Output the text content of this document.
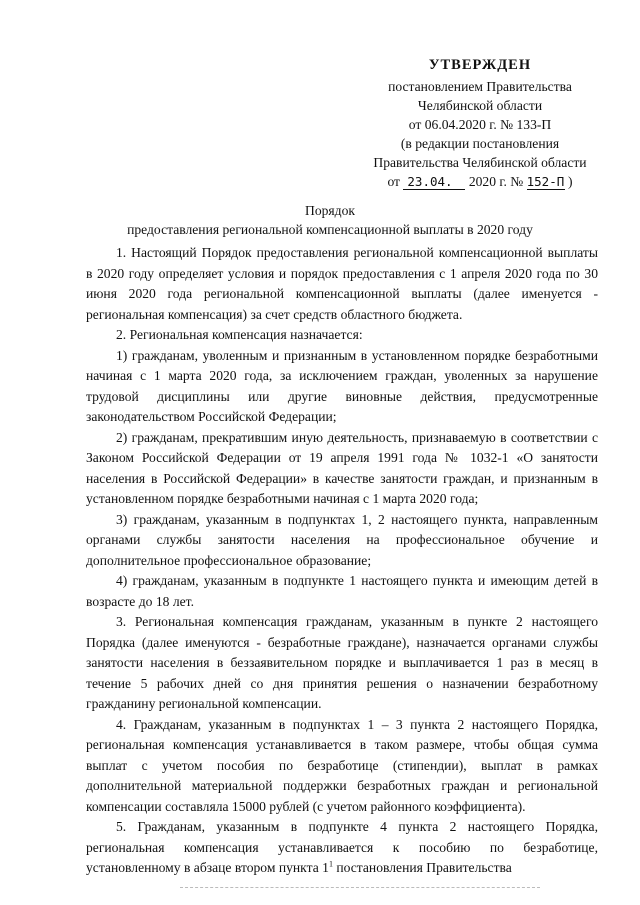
УТВЕРЖДЕН
постановлением Правительства
Челябинской области
от 06.04.2020 г. № 133-П
(в редакции постановления
Правительства Челябинской области
от 23.04. 2020 г. № 152-П )
Порядок
предоставления региональной компенсационной выплаты в 2020 году

1. Настоящий Порядок предоставления региональной компенсационной выплаты в 2020 году определяет условия и порядок предоставления с 1 апреля 2020 года по 30 июня 2020 года региональной компенсационной выплаты (далее именуется - региональная компенсация) за счет средств областного бюджета.

2. Региональная компенсация назначается:

1) гражданам, уволенным и признанным в установленном порядке безработными начиная с 1 марта 2020 года, за исключением граждан, уволенных за нарушение трудовой дисциплины или другие виновные действия, предусмотренные законодательством Российской Федерации;

2) гражданам, прекратившим иную деятельность, признаваемую в соответствии с Законом Российской Федерации от 19 апреля 1991 года № 1032-1 «О занятости населения в Российской Федерации» в качестве занятости граждан, и признанным в установленном порядке безработными начиная с 1 марта 2020 года;

3) гражданам, указанным в подпунктах 1, 2 настоящего пункта, направленным органами службы занятости населения на профессиональное обучение и дополнительное профессиональное образование;

4) гражданам, указанным в подпункте 1 настоящего пункта и имеющим детей в возрасте до 18 лет.

3. Региональная компенсация гражданам, указанным в пункте 2 настоящего Порядка (далее именуются - безработные граждане), назначается органами службы занятости населения в беззаявительном порядке и выплачивается 1 раз в месяц в течение 5 рабочих дней со дня принятия решения о назначении безработному гражданину региональной компенсации.

4. Гражданам, указанным в подпунктах 1 – 3 пункта 2 настоящего Порядка, региональная компенсация устанавливается в таком размере, чтобы общая сумма выплат с учетом пособия по безработице (стипендии), выплат в рамках дополнительной материальной поддержки безработных граждан и региональной компенсации составляла 15000 рублей (с учетом районного коэффициента).

5. Гражданам, указанным в подпункте 4 пункта 2 настоящего Порядка, региональная компенсация устанавливается к пособию по безработице, установленному в абзаце втором пункта $1^1$ постановления Правительства
